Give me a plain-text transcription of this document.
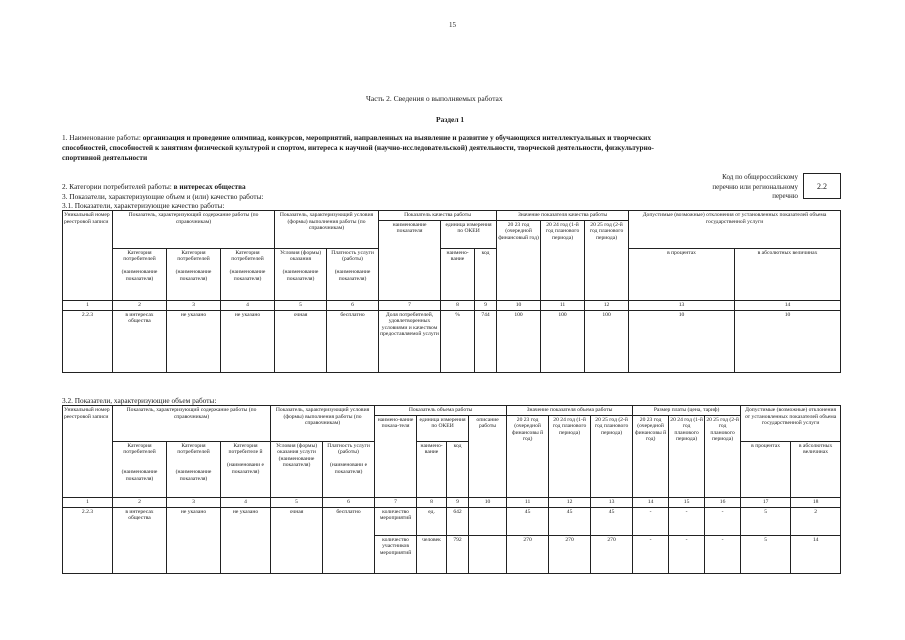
15
Часть 2. Сведения о выполняемых работах
Раздел 1
1. Наименование работы: организация и проведение олимпиад, конкурсов, мероприятий, направленных на выявление и развитие у обучающихся интеллектуальных и творческих способностей, способностей к занятиям физической культурой и спортом, интереса к научной (научно-исследовательской) деятельности, творческой деятельности, физкультурно-спортивной деятельности
Код по общероссийскому перечню или региональному перечню
2.2
2. Категории потребителей работы: в интересах общества
3. Показатели, характеризующие объем и (или) качество работы:
3.1. Показатели, характеризующие качество работы:
Уникальный номер реестровой записи	Показатель, характеризующий содержание работы (по справочникам)			Показатель, характеризующий условия (формы) выполнения работы (по справочникам)		Показатель качества работы			Значение показателя качества работы			Допустимые (возможные) отклонения от установленных показателей объема государственной услуги	
						наименование показателя	единица измерения по ОКЕИ		20 23 год (очередной финансовый год)	20 24 год (1-й год планового периода)	20 25 год (2-й год планового периода)		
	Категория потребителей

(наименование показателя)	Категория потребителей

(наименование показателя)	Категория потребителей

(наименование показателя)	Условия (формы) оказания

(наименование показателя)	Платность услуги (работы)

(наименование показателя)		наимено-вание	код				в процентах	в абсолютных величинах
1	2	3	4	5	6	7	8	9	10	11	12	13	14
2.2.3	в интересах общества	не указано	не указано	очная	бесплатно	Доля потребителей, удовлетворенных условиями и качеством предоставляемой услуги	%	744	100	100	100	10	10
3.2. Показатели, характеризующие объем работы:
Уникальный номер реестровой записи	Показатель, характеризующий содержание работы (по справочникам)			Показатель, характеризующий условия (формы) выполнения работы (по справочникам)		Показатель объема работы				Значение показателя объема работы			Размер платы (цена, тариф)			Допустимые (возможные) отклонения от установленных показателей объема государственной услуги	
						наимено-вание показа-теля	единица измерения по ОКЕИ		описание работы	20 23 год (очередной финансовы й год)	20 24 год (1-й год планового периода)	20 25 год (2-й год планового периода)	20 23 год (очередной финансовы й год)	20 24 год (1-й год планового периода)	20 25 год (2-й год планового периода)		
	Категория потребителей

(наименование показателя)	Категория потребителей

(наименование показателя)	Категория потребителе й

(наименовани е показателя)	Условия (формы) оказания услуги
(наименование показателя)	Платность услуги (работы)

(наименовани е показателя)		наимено-вание	код								в процентах	в абсолютных величинах
1	2	3	4	5	6	7	8	9	10	11	12	13	14	15	16	17	18
2.2.3	в интересах общества	не указано	не указано	очная	бесплатно	количество мероприятий	ед.	642		45	45	45	-	-	-	5	2
						количество участников мероприятий	человек	792		270	270	270	-	-	-	5	14
